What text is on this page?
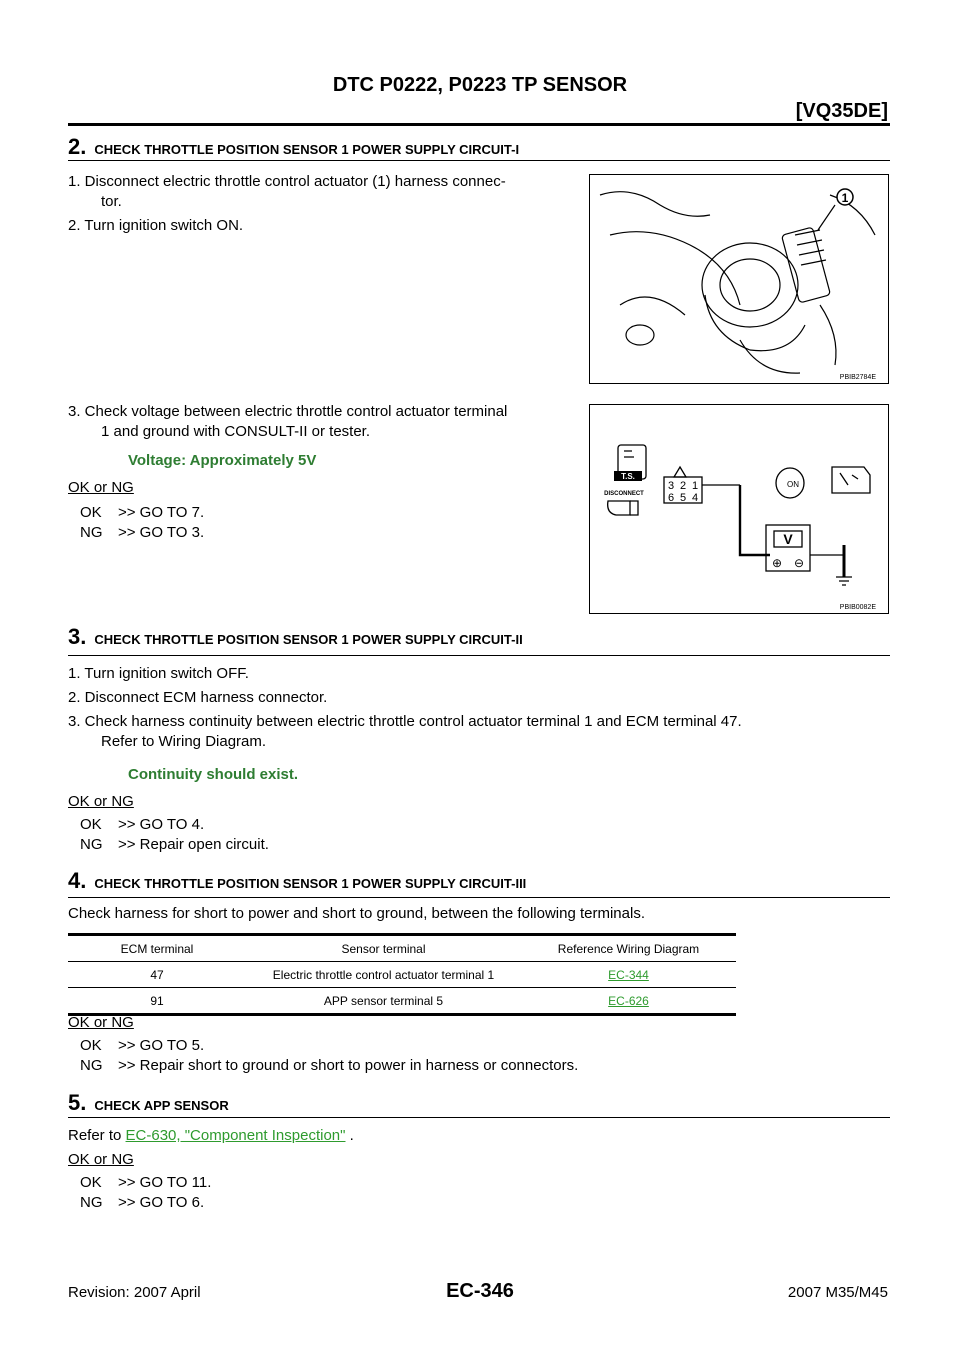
DTC P0222, P0223 TP SENSOR
[VQ35DE]
2. CHECK THROTTLE POSITION SENSOR 1 POWER SUPPLY CIRCUIT-I
1. Disconnect electric throttle control actuator (1) harness connec-
tor.
2. Turn ignition switch ON.
3. Check voltage between electric throttle control actuator terminal
1 and ground with CONSULT-II or tester.
Voltage: Approximately 5V
OK or NG
OK >> GO TO 7.
NG >> GO TO 3.
1
PBIB2784E
T.S.
DISCONNECT
3 2 1
6 5 4
V
⊕ ⊖
ON
PBIB0082E
3. CHECK THROTTLE POSITION SENSOR 1 POWER SUPPLY CIRCUIT-II
1. Turn ignition switch OFF.
2. Disconnect ECM harness connector.
3. Check harness continuity between electric throttle control actuator terminal 1 and ECM terminal 47.
Refer to Wiring Diagram.
Continuity should exist.
OK or NG
OK >> GO TO 4.
NG >> Repair open circuit.
4. CHECK THROTTLE POSITION SENSOR 1 POWER SUPPLY CIRCUIT-III
Check harness for short to power and short to ground, between the following terminals.
ECM terminal	Sensor terminal	Reference Wiring Diagram
47	Electric throttle control actuator terminal 1	EC-344
91	APP sensor terminal 5	EC-626
OK or NG
OK >> GO TO 5.
NG >> Repair short to ground or short to power in harness or connectors.
5. CHECK APP SENSOR
Refer to EC-630, "Component Inspection" .
OK or NG
OK >> GO TO 11.
NG >> GO TO 6.
Revision: 2007 April	EC-346	2007 M35/M45
